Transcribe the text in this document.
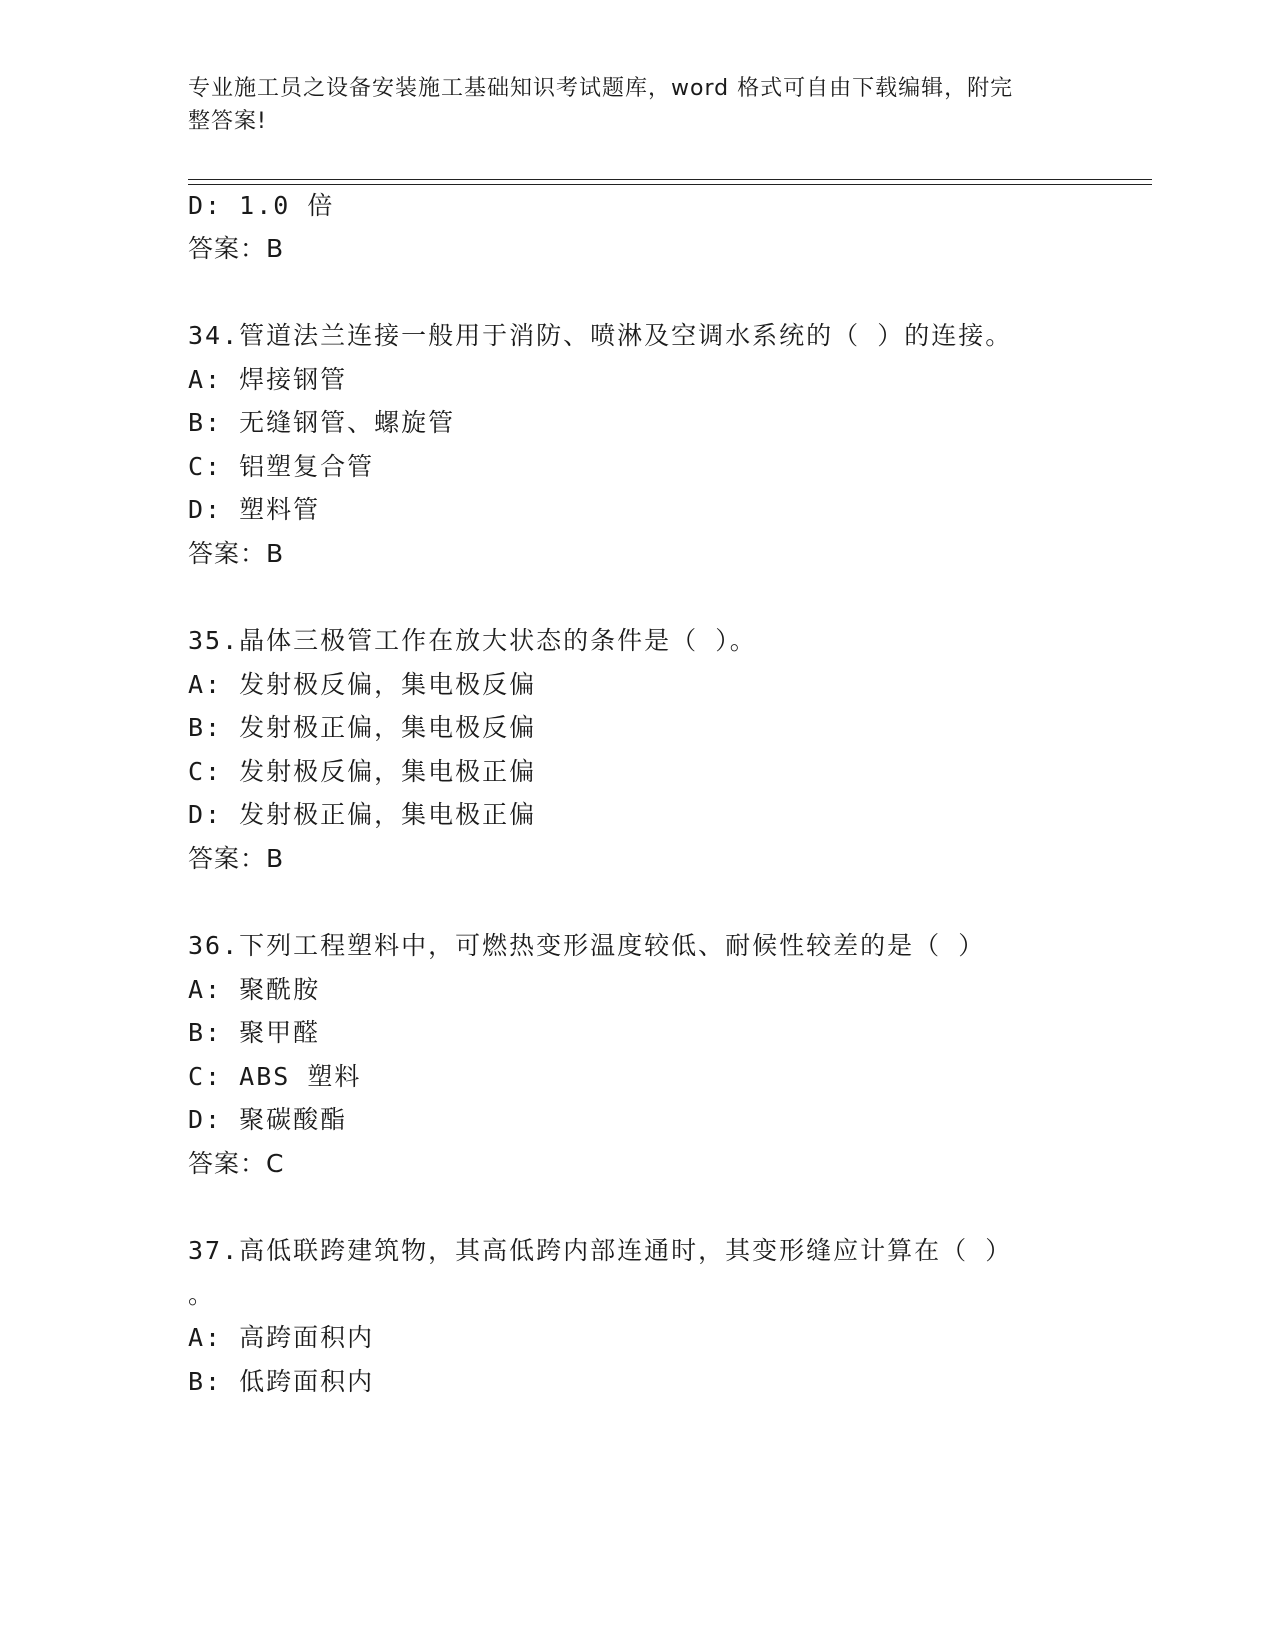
专业施工员之设备安装施工基础知识考试题库，word 格式可自由下载编辑，附完
整答案!
D: 1.0 倍
答案：B
34.管道法兰连接一般用于消防、喷淋及空调水系统的（ ）的连接。
A: 焊接钢管
B: 无缝钢管、螺旋管
C: 铝塑复合管
D: 塑料管
答案：B
35.晶体三极管工作在放大状态的条件是（ ）。
A: 发射极反偏，集电极反偏
B: 发射极正偏，集电极反偏
C: 发射极反偏，集电极正偏
D: 发射极正偏，集电极正偏
答案：B
36.下列工程塑料中，可燃热变形温度较低、耐候性较差的是（ ）
A: 聚酰胺
B: 聚甲醛
C: ABS 塑料
D: 聚碳酸酯
答案：C
37.高低联跨建筑物，其高低跨内部连通时，其变形缝应计算在（ ）
。
A: 高跨面积内
B: 低跨面积内
